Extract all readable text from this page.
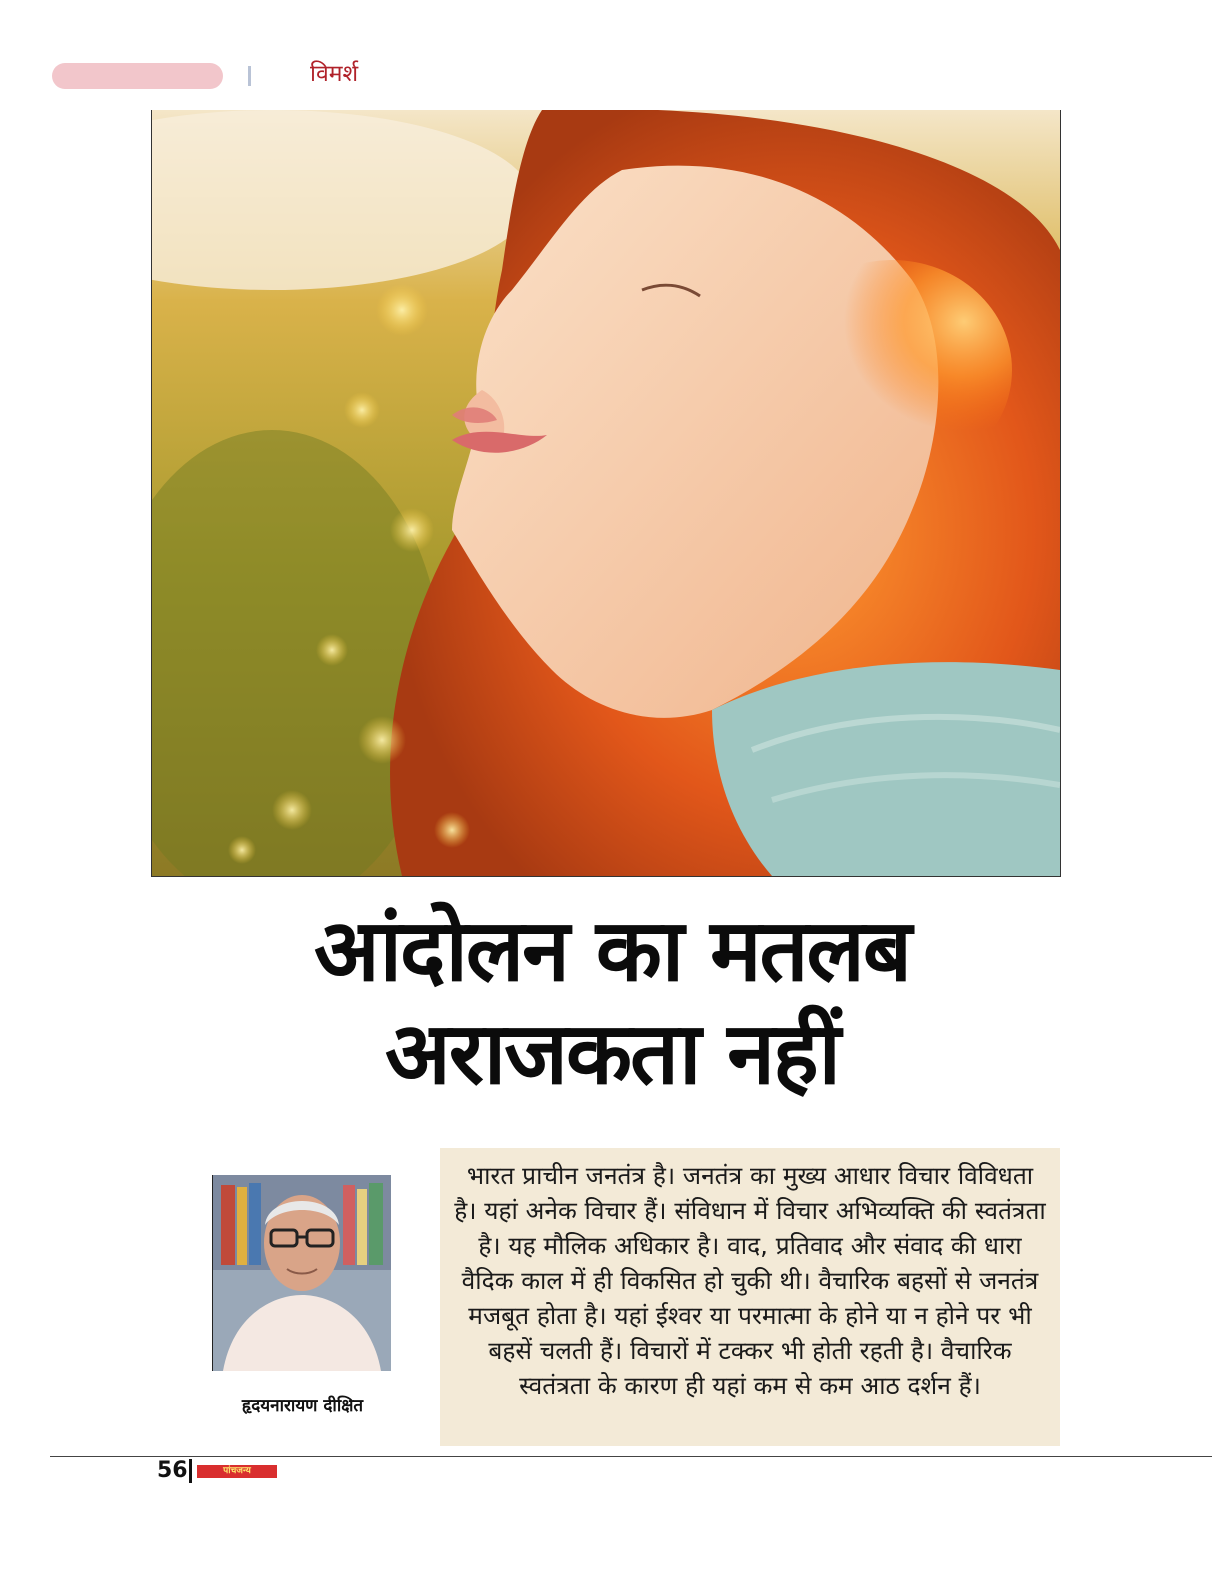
विमर्श
आंदोलन का मतलब
अराजकता नहीं
हृदयनारायण दीक्षित

भारत प्राचीन जनतंत्र है। जनतंत्र का मुख्य आधार विचार विविधता है। यहां अनेक विचार हैं। संविधान में विचार अभिव्यक्ति की स्वतंत्रता है। यह मौलिक अधिकार है। वाद, प्रतिवाद और संवाद की धारा वैदिक काल में ही विकसित हो चुकी थी। वैचारिक बहसों से जनतंत्र मजबूत होता है। यहां ईश्वर या परमात्मा के होने या न होने पर भी बहसें चलती हैं। विचारों में टक्कर भी होती रहती है। वैचारिक स्वतंत्रता के कारण ही यहां कम से कम आठ दर्शन हैं।

56	पांचजन्य
